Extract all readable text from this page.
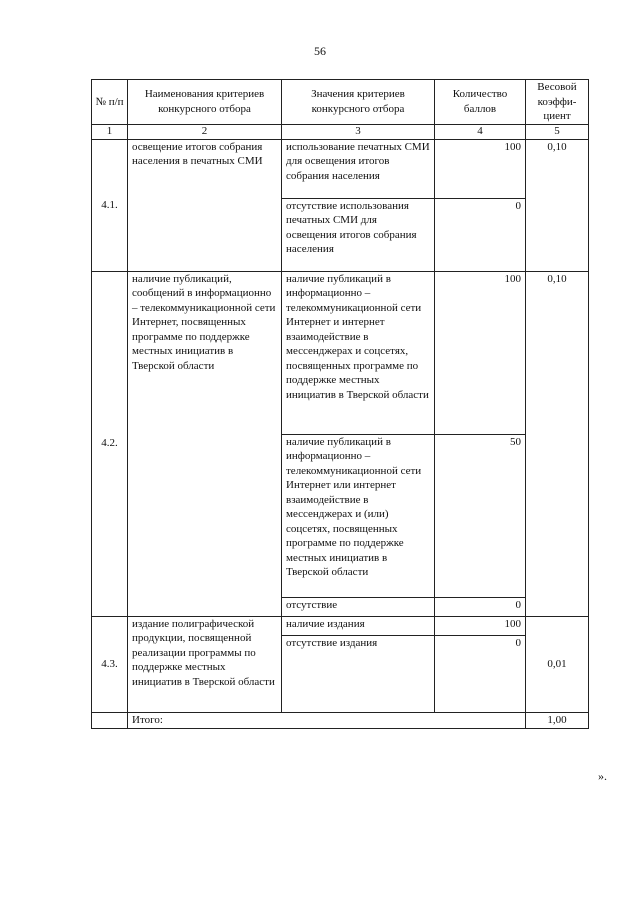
56
№ п/п	Наименования критериев конкурсного отбора	Значения критериев конкурсного отбора	Количество баллов	Весовой коэффи-циент
1	2	3	4	5
4.1.	освещение итогов собрания населения в печатных СМИ	использование печатных СМИ для освещения итогов собрания населения	100	0,10
		отсутствие использования печатных СМИ для освещения итогов собрания населения	0	
4.2.	наличие публикаций, сообщений в информационно – телекоммуникационной сети Интернет, посвященных программе по поддержке местных инициатив в Тверской области	наличие публикаций в информационно – телекоммуникационной сети Интернет и интернет взаимодействие в мессенджерах и соцсетях, посвященных программе по поддержке местных инициатив в Тверской области	100	0,10
		наличие публикаций в информационно – телекоммуникационной сети Интернет или интернет взаимодействие в мессенджерах и (или) соцсетях, посвященных программе по поддержке местных инициатив в Тверской области	50	
		отсутствие	0	
4.3.	издание полиграфической продукции, посвященной реализации программы по поддержке местных инициатив в Тверской области	наличие издания	100	0,01
		отсутствие издания	0	
	Итого:			1,00
».
